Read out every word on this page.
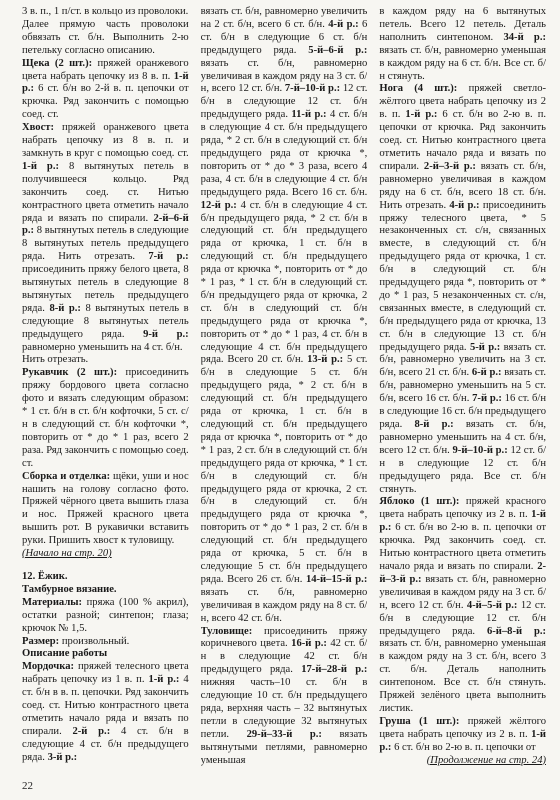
3 в. п., 1 п/ст. в кольцо из проволоки.

Далее прямую часть проволоки обвязать ст. б/н. Выполнить 2-ю петельку согласно описанию.

Щека (2 шт.): пряжей оранжевого цвета набрать цепочку из 8 в. п. 1-й р.: 6 ст. б/н во 2-й в. п. цепочки от крючка. Ряд закончить с помощью соед. ст.

Хвост: пряжей оранжевого цвета набрать цепочку из 8 в. п. и замкнуть в круг с помощью соед. ст. 1-й р.: 8 вытянутых петель в получившееся кольцо. Ряд закончить соед. ст. Нитью контрастного цвета отметить начало ряда и вязать по спирали. 2-й–6-й р.: 8 вытянутых петель в следующие 8 вытянутых петель предыдущего ряда. Нить отрезать. 7-й р.: присоединить пряжу белого цвета, 8 вытянутых петель в следующие 8 вытянутых петель предыдущего ряда. 8-й р.: 8 вытянутых петель в следующие 8 вытянутых петель предыдущего ряда. 9-й р.: равномерно уменьшить на 4 ст. б/н.

Нить отрезать.

Рукавчик (2 шт.): присоединить пряжу бордового цвета согласно фото и вязать следующим образом: * 1 ст. б/н в ст. б/н кофточки, 5 ст. с/н в следующий ст. б/н кофточки *, повторить от * до * 1 раз, всего 2 раза. Ряд закончить с помощью соед. ст.

Сборка и отделка: щёки, уши и нос нашить на голову согласно фото. Пряжей чёрного цвета вышить глаза и нос. Пряжей красного цвета вышить рот. В рукавички вставить руки. Пришить хвост к туловищу.

(Начало на стр. 20)

12. Ёжик.

Тамбурное вязание.

Материалы: пряжа (100 % акрил), остатки разной; синтепон; глаза; крючок № 1,5.

Размер: произвольный.

Описание работы

Мордочка: пряжей телесного цвета набрать цепочку из 1 в. п. 1-й р.: 4 ст. б/н в в. п. цепочки. Ряд закончить соед. ст. Нитью контрастного цвета отметить начало ряда и вязать по спирали. 2-й р.: 4 ст. б/н в следующие 4 ст. б/н предыдущего ряда. 3-й р.:

вязать ст. б/н, равномерно увеличить на 2 ст. б/н, всего 6 ст. б/н. 4-й р.: 6 ст. б/н в следующие 6 ст. б/н предыдущего ряда. 5-й–6-й р.: вязать ст. б/н, равномерно увеличивая в каждом ряду на 3 ст. б/н, всего 12 ст. б/н. 7-й–10-й р.: 12 ст. б/н в следующие 12 ст. б/н предыдущего ряда. 11-й р.: 4 ст. б/н в следующие 4 ст. б/н предыдущего ряда, * 2 ст. б/н в следующий ст. б/н предыдущего ряда от крючка *, повторить от * до * 3 раза, всего 4 раза, 4 ст. б/н в следующие 4 ст. б/н предыдущего ряда. Всего 16 ст. б/н. 12-й р.: 4 ст. б/н в следующие 4 ст. б/н предыдущего ряда, * 2 ст. б/н в следующий ст. б/н предыдущего ряда от крючка, 1 ст. б/н в следующий ст. б/н предыдущего ряда от крючка *, повторить от * до * 1 раз, * 1 ст. б/н в следующий ст. б/н предыдущего ряда от крючка, 2 ст. б/н в следующий ст. б/н предыдущего ряда от крючка *, повторить от * до * 1 раз, 4 ст. б/н в следующие 4 ст. б/н предыдущего ряда. Всего 20 ст. б/н. 13-й р.: 5 ст. б/н в следующие 5 ст. б/н предыдущего ряда, * 2 ст. б/н в следующий ст. б/н предыдущего ряда от крючка, 1 ст. б/н в следующий ст. б/н предыдущего ряда от крючка *, повторить от * до * 1 раз, 2 ст. б/н в следующий ст. б/н предыдущего ряда от крючка, * 1 ст. б/н в следующий ст. б/н предыдущего ряда от крючка, 2 ст. б/н в следующий ст. б/н предыдущего ряда от крючка *, повторить от * до * 1 раз, 2 ст. б/н в следующий ст. б/н предыдущего ряда от крючка, 5 ст. б/н в следующие 5 ст. б/н предыдущего ряда. Всего 26 ст. б/н. 14-й–15-й р.: вязать ст. б/н, равномерно увеличивая в каждом ряду на 8 ст. б/н, всего 42 ст. б/н.

Туловище: присоединить пряжу коричневого цвета. 16-й р.: 42 ст. б/н в следующие 42 ст. б/н предыдущего ряда. 17-й–28-й р.: нижняя часть–10 ст. б/н в следующие 10 ст. б/н предыдущего ряда, верхняя часть – 32 вытянутых петли в следующие 32 вытянутых петли. 29-й–33-й р.: вязать вытянутыми петлями, равномерно уменьшая

в каждом ряду на 6 вытянутых петель. Всего 12 петель. Деталь наполнить синтепоном. 34-й р.: вязать ст. б/н, равномерно уменьшая в каждом ряду на 6 ст. б/н. Все ст. б/н стянуть.

Нога (4 шт.): пряжей светло-жёлтого цвета набрать цепочку из 2 в. п. 1-й р.: 6 ст. б/н во 2-ю в. п. цепочки от крючка. Ряд закончить соед. ст. Нитью контрастного цвета отметить начало ряда и вязать по спирали. 2-й–3-й р.: вязать ст. б/н, равномерно увеличивая в каждом ряду на 6 ст. б/н, всего 18 ст. б/н. Нить отрезать. 4-й р.: присоединить пряжу телесного цвета, * 5 незаконченных ст. с/н, связанных вместе, в следующий ст. б/н предыдущего ряда от крючка, 1 ст. б/н в следующий ст. б/н предыдущего ряда *, повторить от * до * 1 раз, 5 незаконченных ст. с/н, связанных вместе, в следующий ст. б/н предыдущего ряда от крючка, 13 ст. б/н в следующие 13 ст. б/н предыдущего ряда. 5-й р.: вязать ст. б/н, равномерно увеличить на 3 ст. б/н, всего 21 ст. б/н. 6-й р.: вязать ст. б/н, равномерно уменьшить на 5 ст. б/н, всего 16 ст. б/н. 7-й р.: 16 ст. б/н в следующие 16 ст. б/н предыдущего ряда. 8-й р.: вязать ст. б/н, равномерно уменьшить на 4 ст. б/н, всего 12 ст. б/н. 9-й–10-й р.: 12 ст. б/н в следующие 12 ст. б/н предыдущего ряда. Все ст. б/н стянуть.

Яблоко (1 шт.): пряжей красного цвета набрать цепочку из 2 в. п. 1-й р.: 6 ст. б/н во 2-ю в. п. цепочки от крючка. Ряд закончить соед. ст. Нитью контрастного цвета отметить начало ряда и вязать по спирали. 2-й–3-й р.: вязать ст. б/н, равномерно увеличивая в каждом ряду на 3 ст. б/н, всего 12 ст. б/н. 4-й–5-й р.: 12 ст. б/н в следующие 12 ст. б/н предыдущего ряда. 6-й–8-й р.: вязать ст. б/н, равномерно уменьшая в каждом ряду на 3 ст. б/н, всего 3 ст. б/н. Деталь наполнить синтепоном. Все ст. б/н стянуть. Пряжей зелёного цвета выполнить листик.

Груша (1 шт.): пряжей жёлтого цвета набрать цепочку из 2 в. п. 1-й р.: 6 ст. б/н во 2-ю в. п. цепочки от

(Продолжение на стр. 24)

22
